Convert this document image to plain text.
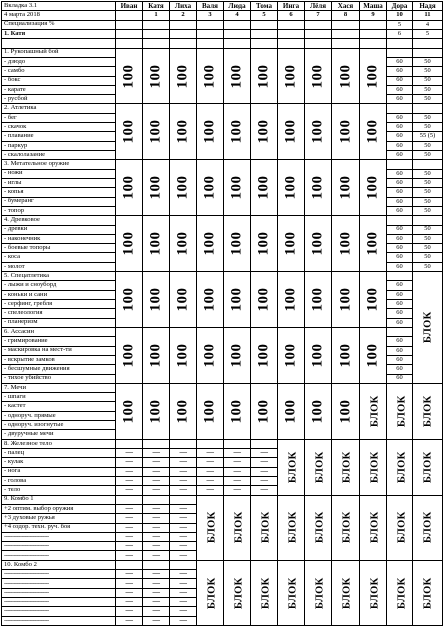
Вкладка 3.1	Иван	Катя	Лиха	Валя	Люда	Тома	Инга	Лёля	Хася	Маша	Дора	Надя
4 марта 2018		1	2	3	4	5	6	7	8	9	10	11
Специализация %											5	4
1. Катя											6	5

1. Рукопашный бой	100	100	100	100	100	100	100	100	100	100		
- дзюдо											60	50
- самбо											60	50
- бокс											60	50
- карате											60	50
- русбой											60	50
2. Атлетика	100	100	100	100	100	100	100	100	100	100		
- бег											60	50
- скачок											60	50
- плавание											60	55 (5)
- паркур											60	50
- скалолазание											60	50
3. Метательное оружие	100	100	100	100	100	100	100	100	100	100		
- ножи											60	50
- иглы											60	50
- копья											60	50
- бумеранг											60	50
- топор											60	50
4. Древковое	100	100	100	100	100	100	100	100	100	100		
- древки											60	50
- наконечник											60	50
- боевые топоры											60	50
- коса											60	50
- молот											60	50
5. Спецатлетика	100	100	100	100	100	100	100	100	100	100		БЛОК
- лыжи и сноуборд											60	
- коньки и сани											60	
- серфинг, гребля											60	
- спелеология											60	
- планеризм											60	
6. Ассасин	100	100	100	100	100	100	100	100	100	100		
- гримирование											60	
- маскировка на мест-ти											60	
- вскрытие замков											60	
- бесшумные движения											60	
- тихое убийство											60	
7. Мечи	100	100	100	100	100	100	100	100	100	БЛОК	БЛОК	БЛОК
- шпаги												
- кастет												
- одноруч. прямые												
- одноруч. изогнутые												
- двуручные мечи												
8. Железное тело							БЛОК	БЛОК	БЛОК	БЛОК	БЛОК	БЛОК
- палец	-----	-----	-----	-----	-----	-----						
- кулак	-----	-----	-----	-----	-----	-----						
- нога	-----	-----	-----	-----	-----	-----						
- голова	-----	-----	-----	-----	-----	-----						
- тело	-----	-----	-----	-----	-----	-----						
9. Комбо 1				БЛОК	БЛОК	БЛОК	БЛОК	БЛОК	БЛОК	БЛОК	БЛОК	БЛОК
+2 оптим. выбор оружия	-----	-----	-----									
+3 духовые ружья	-----	-----	-----									
+4 оздор. техн. руч. боя	-----	-----	-----									
----------------------------	-----	-----	-----									
----------------------------	-----	-----	-----									
----------------------------	-----	-----	-----									
10. Комбо 2				БЛОК	БЛОК	БЛОК	БЛОК	БЛОК	БЛОК	БЛОК	БЛОК	БЛОК
----------------------------	-----	-----	-----									
----------------------------	-----	-----	-----									
----------------------------	-----	-----	-----									
----------------------------	-----	-----	-----									
----------------------------	-----	-----	-----									
----------------------------	-----	-----	-----									
